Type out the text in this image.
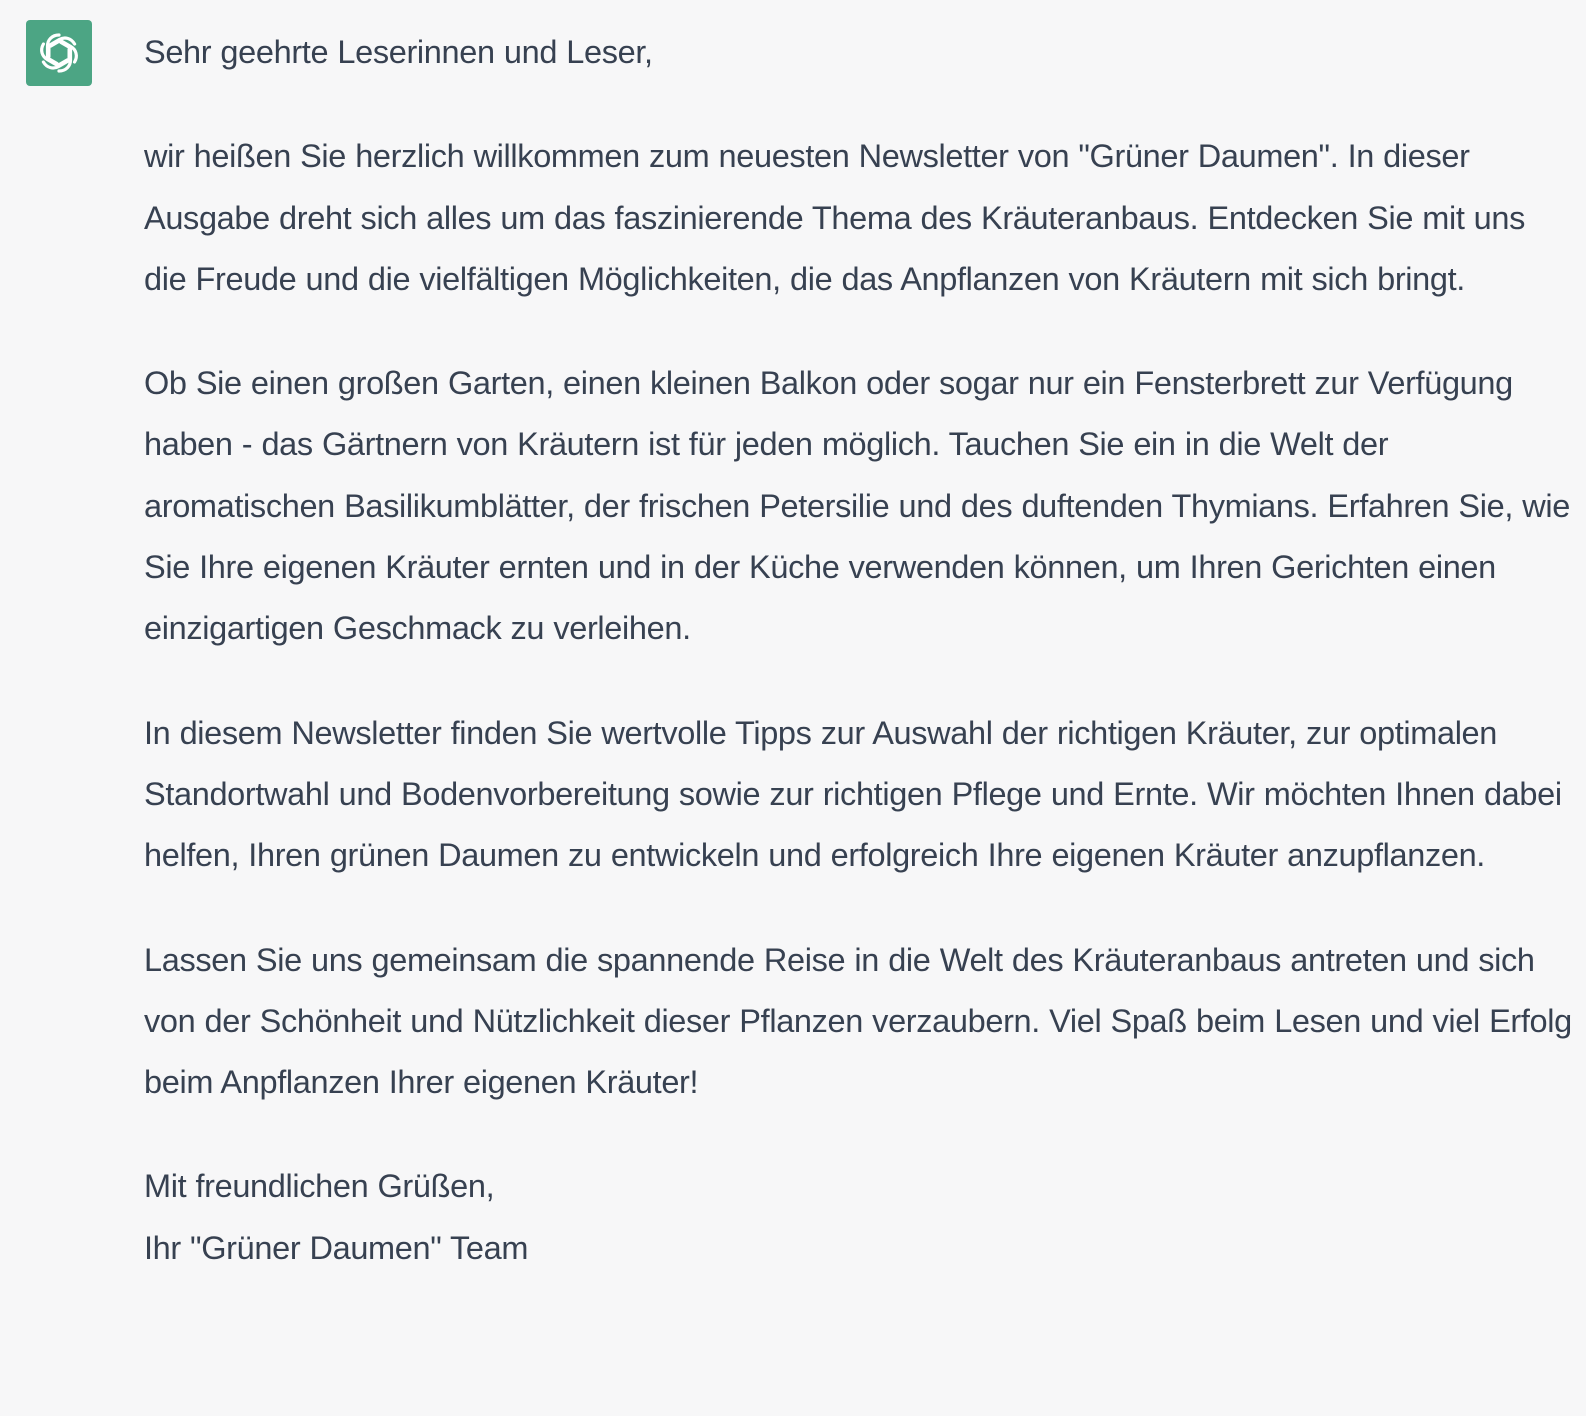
Sehr geehrte Leserinnen und Leser,

wir heißen Sie herzlich willkommen zum neuesten Newsletter von "Grüner Daumen". In dieser Ausgabe dreht sich alles um das faszinierende Thema des Kräuteranbaus. Entdecken Sie mit uns die Freude und die vielfältigen Möglichkeiten, die das Anpflanzen von Kräutern mit sich bringt.

Ob Sie einen großen Garten, einen kleinen Balkon oder sogar nur ein Fensterbrett zur Verfügung haben - das Gärtnern von Kräutern ist für jeden möglich. Tauchen Sie ein in die Welt der aromatischen Basilikumblätter, der frischen Petersilie und des duftenden Thymians. Erfahren Sie, wie Sie Ihre eigenen Kräuter ernten und in der Küche verwenden können, um Ihren Gerichten einen einzigartigen Geschmack zu verleihen.

In diesem Newsletter finden Sie wertvolle Tipps zur Auswahl der richtigen Kräuter, zur optimalen Standortwahl und Bodenvorbereitung sowie zur richtigen Pflege und Ernte. Wir möchten Ihnen dabei helfen, Ihren grünen Daumen zu entwickeln und erfolgreich Ihre eigenen Kräuter anzupflanzen.

Lassen Sie uns gemeinsam die spannende Reise in die Welt des Kräuteranbaus antreten und sich von der Schönheit und Nützlichkeit dieser Pflanzen verzaubern. Viel Spaß beim Lesen und viel Erfolg beim Anpflanzen Ihrer eigenen Kräuter!

Mit freundlichen Grüßen,
Ihr "Grüner Daumen" Team
